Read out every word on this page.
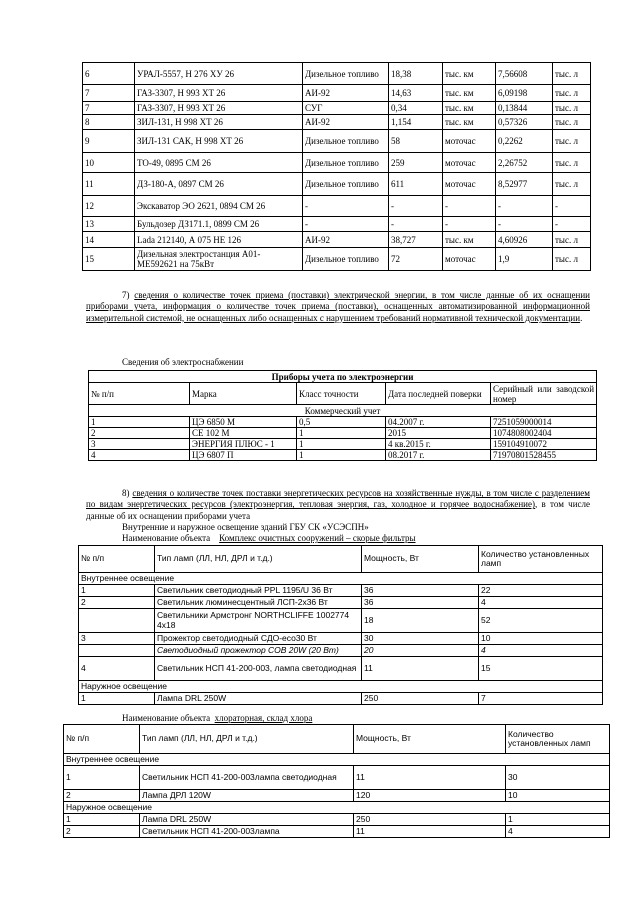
6	УРАЛ-5557, Н 276 ХУ 26	Дизельное топливо	18,38	тыс. км	7,56608	тыс. л
7	ГАЗ-3307, Н 993 ХТ 26	АИ-92	14,63	тыс. км	6,09198	тыс. л
7	ГАЗ-3307, Н 993 ХТ 26	СУГ	0,34	тыс. км	0,13844	тыс. л
8	ЗИЛ-131, Н 998 ХТ 26	АИ-92	1,154	тыс. км	0,57326	тыс. л
9	ЗИЛ-131 САК, Н 998 ХТ 26	Дизельное топливо	58	моточас	0,2262	тыс. л
10	ТО-49, 0895 СМ 26	Дизельное топливо	259	моточас	2,26752	тыс. л
11	ДЗ-180-А, 0897 СМ 26	Дизельное топливо	611	моточас	8,52977	тыс. л
12	Экскаватор ЭО 2621, 0894 СМ 26	-	-	-	-	-
13	Бульдозер ДЗ171.1, 0899 СМ 26	-	-	-	-	-
14	Lada 212140, А 075 НЕ 126	АИ-92	38,727	тыс. км	4,60926	тыс. л
15	Дизельная электростанция А01-МЕ592621 на 75кВт	Дизельное топливо	72	моточас	1,9	тыс. л

7) сведения о количестве точек приема (поставки) электрической энергии, в том числе данные об их оснащении приборами учета, информация о количестве точек приема (поставки), оснащенных автоматизированной информационной измерительной системой, не оснащенных либо оснащенных с нарушением требований нормативной технической документации.

Сведения об электроснабжении

Приборы учета по электроэнергии				
№ п/п	Марка	Класс точности	Дата последней поверки	Серийный или заводской номер
Коммерческий учет				
1	ЦЭ 6850 М	0,5	04.2007 г.	7251059000014
2	СЕ 102 М	1	2015	1074808002404
3	ЭНЕРГИЯ ПЛЮС - 1	1	4 кв.2015 г.	159104910072
4	ЦЭ 6807 П	1	08.2017 г.	71970801528455

8) сведения о количестве точек поставки энергетических ресурсов на хозяйственные нужды, в том числе с разделением по видам энергетических ресурсов (электроэнергия, тепловая энергия, газ, холодное и горячее водоснабжение), в том числе данные об их оснащении приборами учета

Внутренние и наружное освещение зданий ГБУ СК «УСЭСПН»

Наименование объекта Комплекс очистных сооружений – скорые фильтры

№ п/п	Тип ламп (ЛЛ, НЛ, ДРЛ и т.д.)	Мощность, Вт	Количество установленных ламп
Внутреннее освещение			
1	Светильник светодиодный PPL 1195/U 36 Вт	36	22
2	Светильник люминесцентный ЛСП-2х36 Вт	36	4
	Светильники Армстронг NORTHCLIFFE 1002774 4х18	18	52
3	Прожектор светодиодный СДО-есо30 Вт	30	10
	Светодиодный прожектор СОВ 20W (20 Вт)	20	4
4	Светильник НСП 41-200-003, лампа светодиодная	11	15
Наружное освещение			
1	Лампа DRL 250W	250	7

Наименование объекта хлораторная, склад хлора

№ п/п	Тип ламп (ЛЛ, НЛ, ДРЛ и т.д.)	Мощность, Вт	Количество установленных ламп
Внутреннее освещение			
1	Светильник НСП 41-200-003лампа светодиодная	11	30
2	Лампа ДРЛ 120W	120	10
Наружное освещение			
1	Лампа DRL 250W	250	1
2	Светильник НСП 41-200-003лампа	11	4
